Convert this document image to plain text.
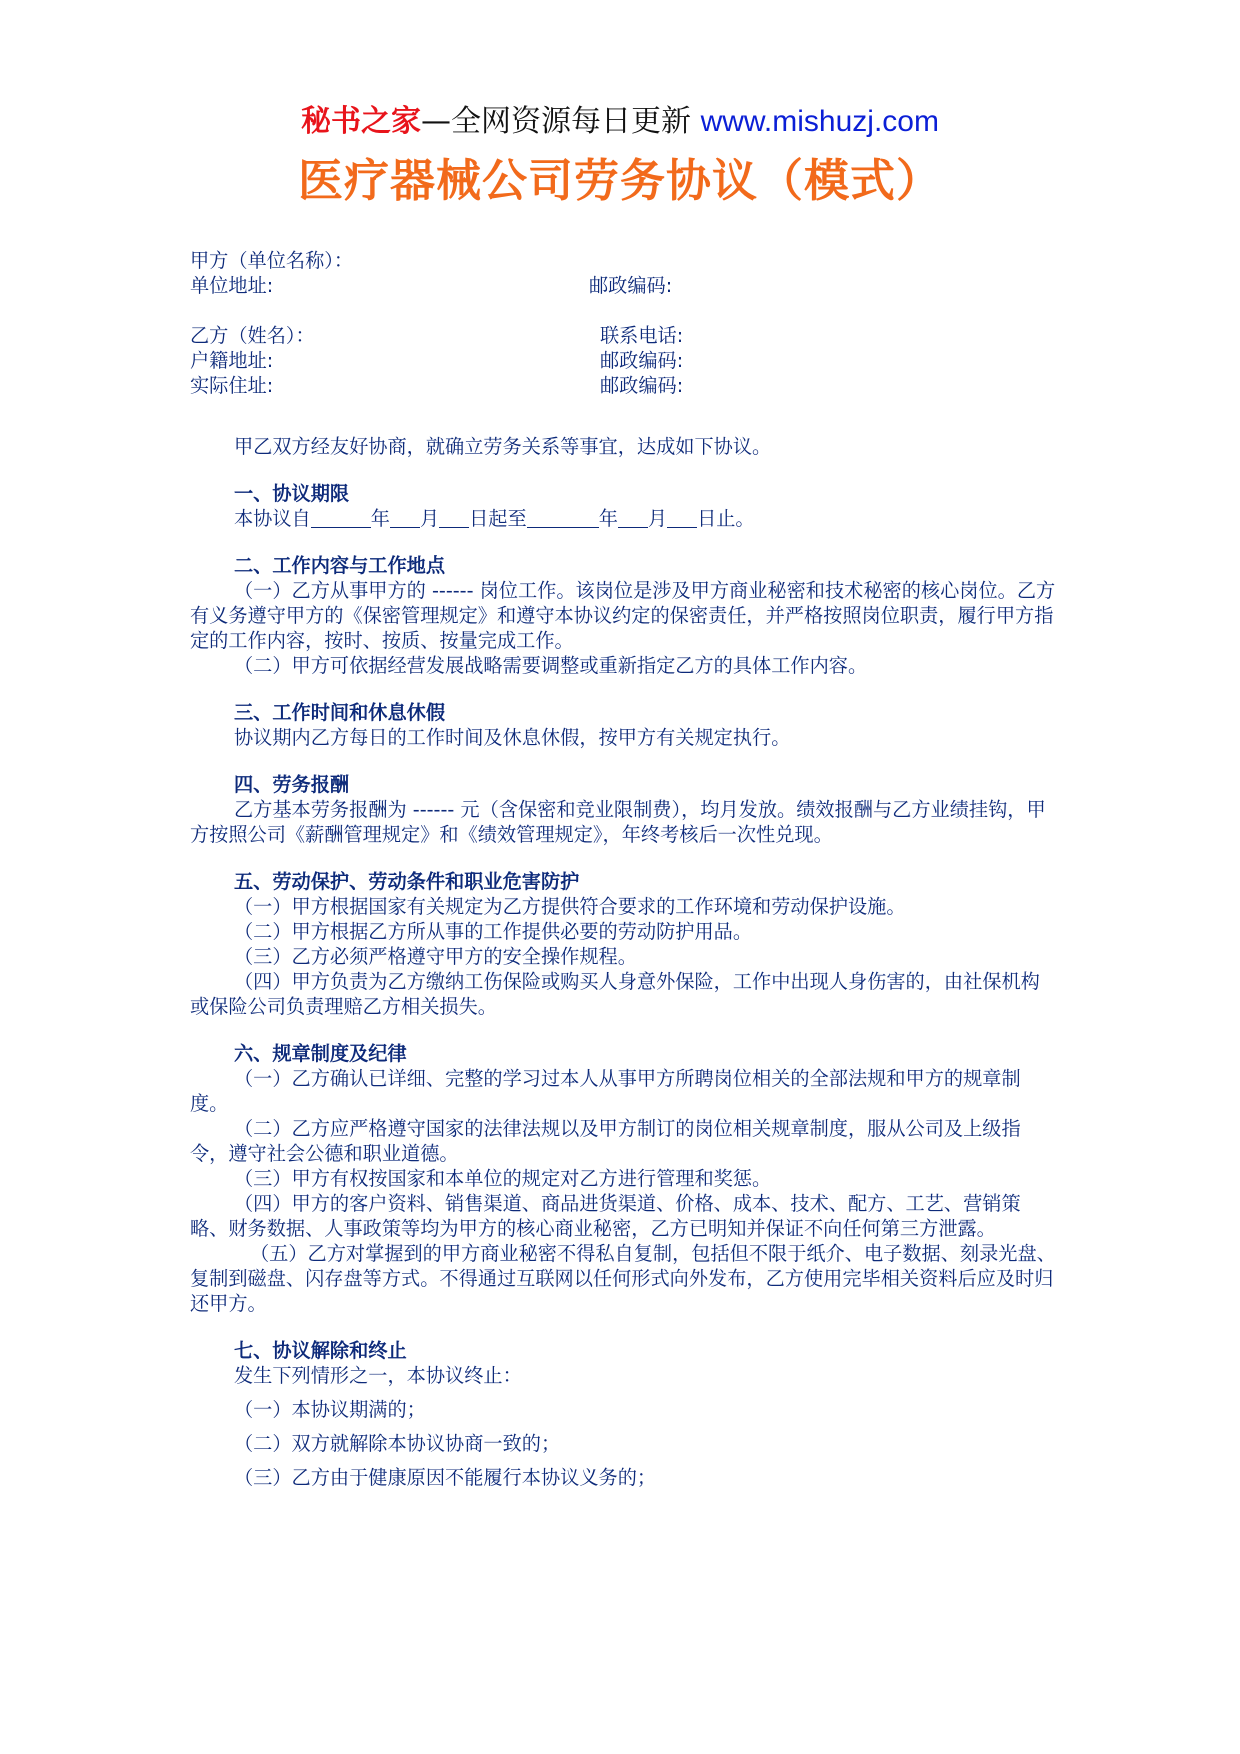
秘书之家—全网资源每日更新 www.mishuzj.com
医疗器械公司劳务协议（模式）
甲方（单位名称）：
单位地址:	邮政编码:
乙方（姓名）：	联系电话:
户籍地址:	邮政编码:
实际住址:	邮政编码:

甲乙双方经友好协商，就确立劳务关系等事宜，达成如下协议。

一、协议期限
本协议自	年 月 日起至	年 月 日止。
二、工作内容与工作地点

（一）乙方从事甲方的 ------ 岗位工作。该岗位是涉及甲方商业秘密和技术秘密的核心岗位。乙方有义务遵守甲方的《保密管理规定》和遵守本协议约定的保密责任，并严格按照岗位职责，履行甲方指定的工作内容，按时、按质、按量完成工作。

（二）甲方可依据经营发展战略需要调整或重新指定乙方的具体工作内容。

三、工作时间和休息休假

协议期内乙方每日的工作时间及休息休假，按甲方有关规定执行。

四、劳务报酬

乙方基本劳务报酬为 ------ 元（含保密和竞业限制费），均月发放。绩效报酬与乙方业绩挂钩，甲方按照公司《薪酬管理规定》和《绩效管理规定》，年终考核后一次性兑现。

五、劳动保护、劳动条件和职业危害防护

（一）甲方根据国家有关规定为乙方提供符合要求的工作环境和劳动保护设施。

（二）甲方根据乙方所从事的工作提供必要的劳动防护用品。

（三）乙方必须严格遵守甲方的安全操作规程。

（四）甲方负责为乙方缴纳工伤保险或购买人身意外保险，工作中出现人身伤害的，由社保机构或保险公司负责理赔乙方相关损失。

六、规章制度及纪律

（一）乙方确认已详细、完整的学习过本人从事甲方所聘岗位相关的全部法规和甲方的规章制度。

（二）乙方应严格遵守国家的法律法规以及甲方制订的岗位相关规章制度，服从公司及上级指令，遵守社会公德和职业道德。

（三）甲方有权按国家和本单位的规定对乙方进行管理和奖惩。

（四）甲方的客户资料、销售渠道、商品进货渠道、价格、成本、技术、配方、工艺、营销策略、财务数据、人事政策等均为甲方的核心商业秘密，乙方已明知并保证不向任何第三方泄露。

（五）乙方对掌握到的甲方商业秘密不得私自复制，包括但不限于纸介、电子数据、刻录光盘、复制到磁盘、闪存盘等方式。不得通过互联网以任何形式向外发布，乙方使用完毕相关资料后应及时归还甲方。

七、协议解除和终止
发生下列情形之一，本协议终止：
（一）本协议期满的；
（二）双方就解除本协议协商一致的；
（三）乙方由于健康原因不能履行本协议义务的；
